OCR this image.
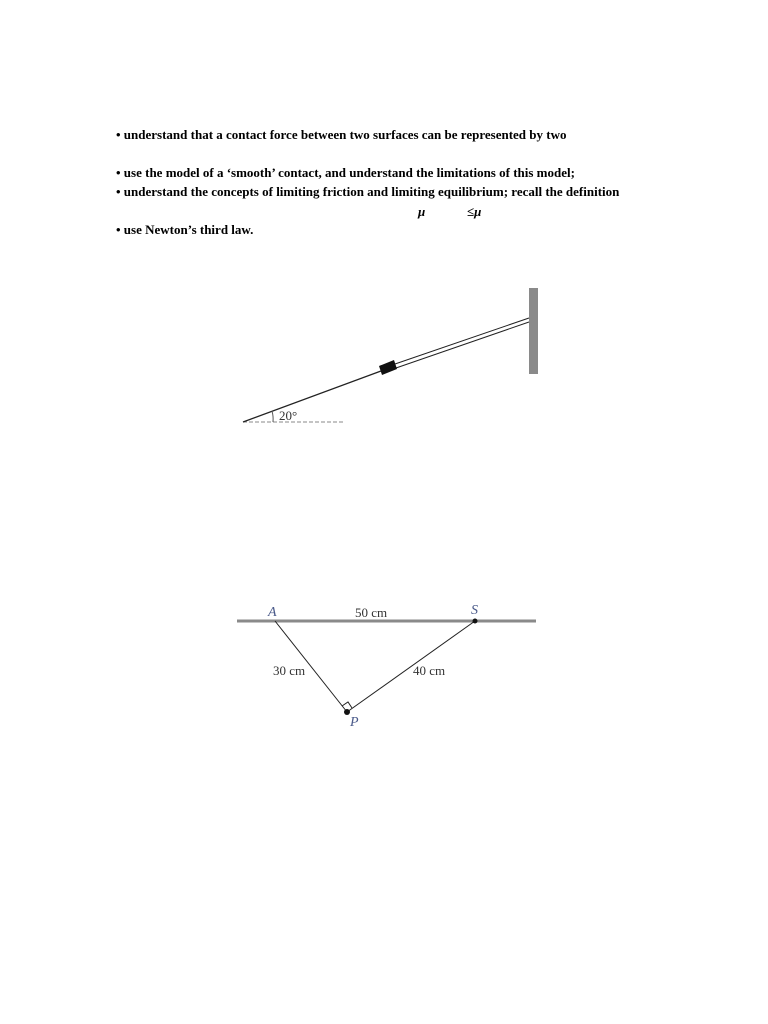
• understand that a contact force between two surfaces can be represented by two
• use the model of a ‘smooth’ contact, and understand the limitations of this model;
• understand the concepts of limiting friction and limiting equilibrium; recall the definition
μ	≤μ
• use Newton’s third law.
20°
A	S
P
50 cm
30 cm	40 cm
